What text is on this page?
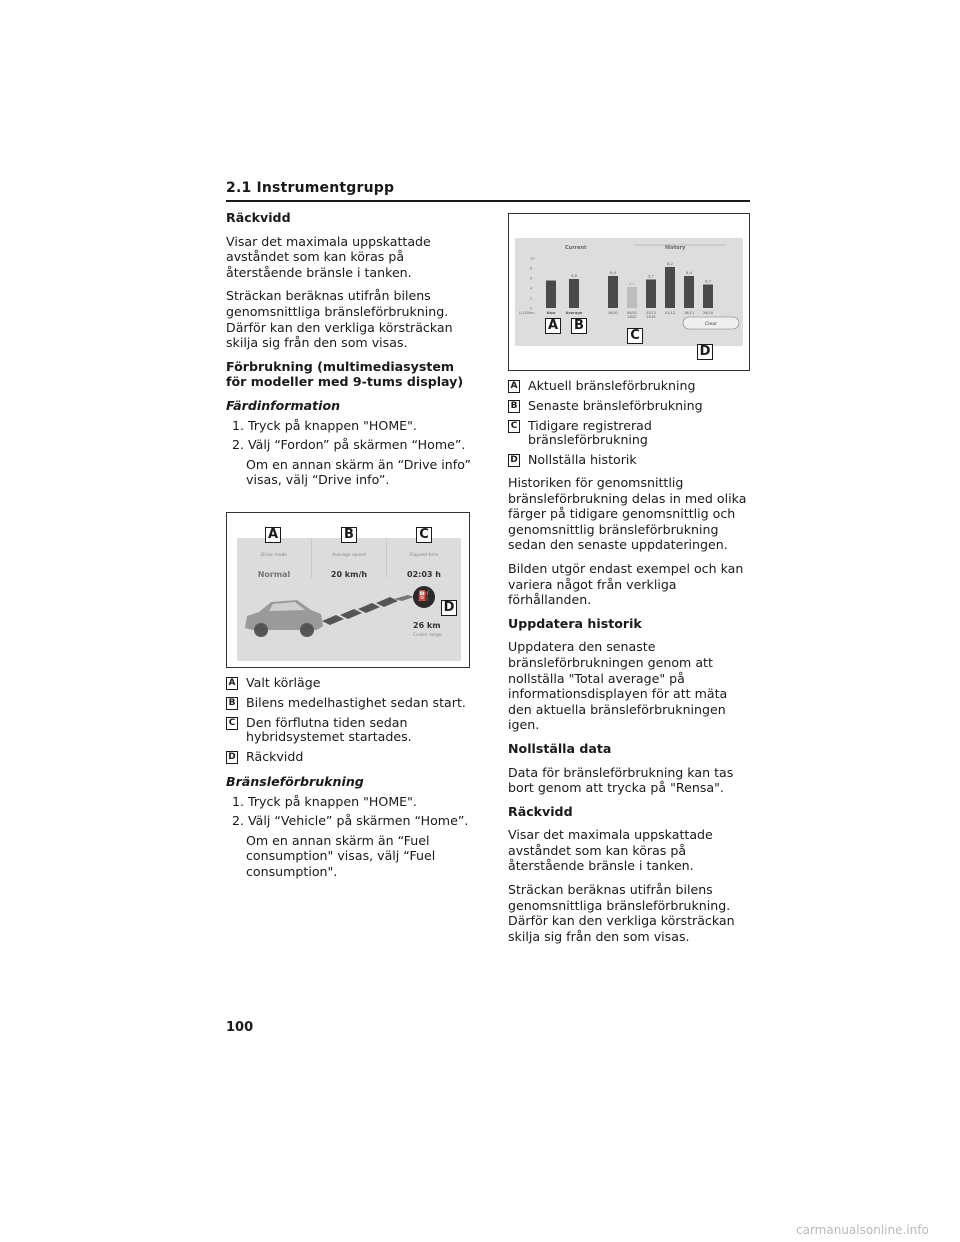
2.1 Instrumentgrupp
Räckvidd
Visar det maximala uppskattade avståndet som kan köras på återstående bränsle i tanken.
Sträckan beräknas utifrån bilens genomsnittliga bränsleförbrukning. Därför kan den verkliga körsträckan skilja sig från den som visas.
Förbrukning (multimediasystem för modeller med 9-tums display)
Färdinformation
1. Tryck på knappen "HOME".
2. Välj “Fordon” på skärmen “Home”.
Om en annan skärm än “Drive info” visas, välj “Drive info”.
Drive mode
Normal
Average speed
20 km/h
Elapsed time
02:03 h
⛽
26 km
Cruise range
A	B	C
D
A Valt körläge
B Bilens medelhastighet sedan start.
C Den förflutna tiden sedan hybridsystemet startades.
D Räckvidd
Bränsleförbrukning
1. Tryck på knappen "HOME".
2. Välj “Vehicle” på skärmen “Home”.
Om en annan skärm än “Fuel consumption" visas, välj “Fuel consumption".
Current	History
L/100km
0
2
4
6
8
10
Now
5,8
Average
6,4
26/01
4,2
09/01
2020
5,7
23/12
2019
8,2
01/12
6,4
16/11
4,7
26/10
Clear
A B
C
D
A Aktuell bränsleförbrukning
B Senaste bränsleförbrukning
C Tidigare registrerad bränsleförbrukning
D Nollställa historik
Historiken för genomsnittlig bränsleförbrukning delas in med olika färger på tidigare genomsnittlig och genomsnittlig bränsleförbrukning sedan den senaste uppdateringen.
Bilden utgör endast exempel och kan variera något från verkliga förhållanden.
Uppdatera historik
Uppdatera den senaste bränsleförbrukningen genom att nollställa "Total average" på informationsdisplayen för att mäta den aktuella bränsleförbrukningen igen.
Nollställa data
Data för bränsleförbrukning kan tas bort genom att trycka på "Rensa".
Räckvidd
Visar det maximala uppskattade avståndet som kan köras på återstående bränsle i tanken.
Sträckan beräknas utifrån bilens genomsnittliga bränsleförbrukning. Därför kan den verkliga körsträckan skilja sig från den som visas.
100
carmanualsonline.info
